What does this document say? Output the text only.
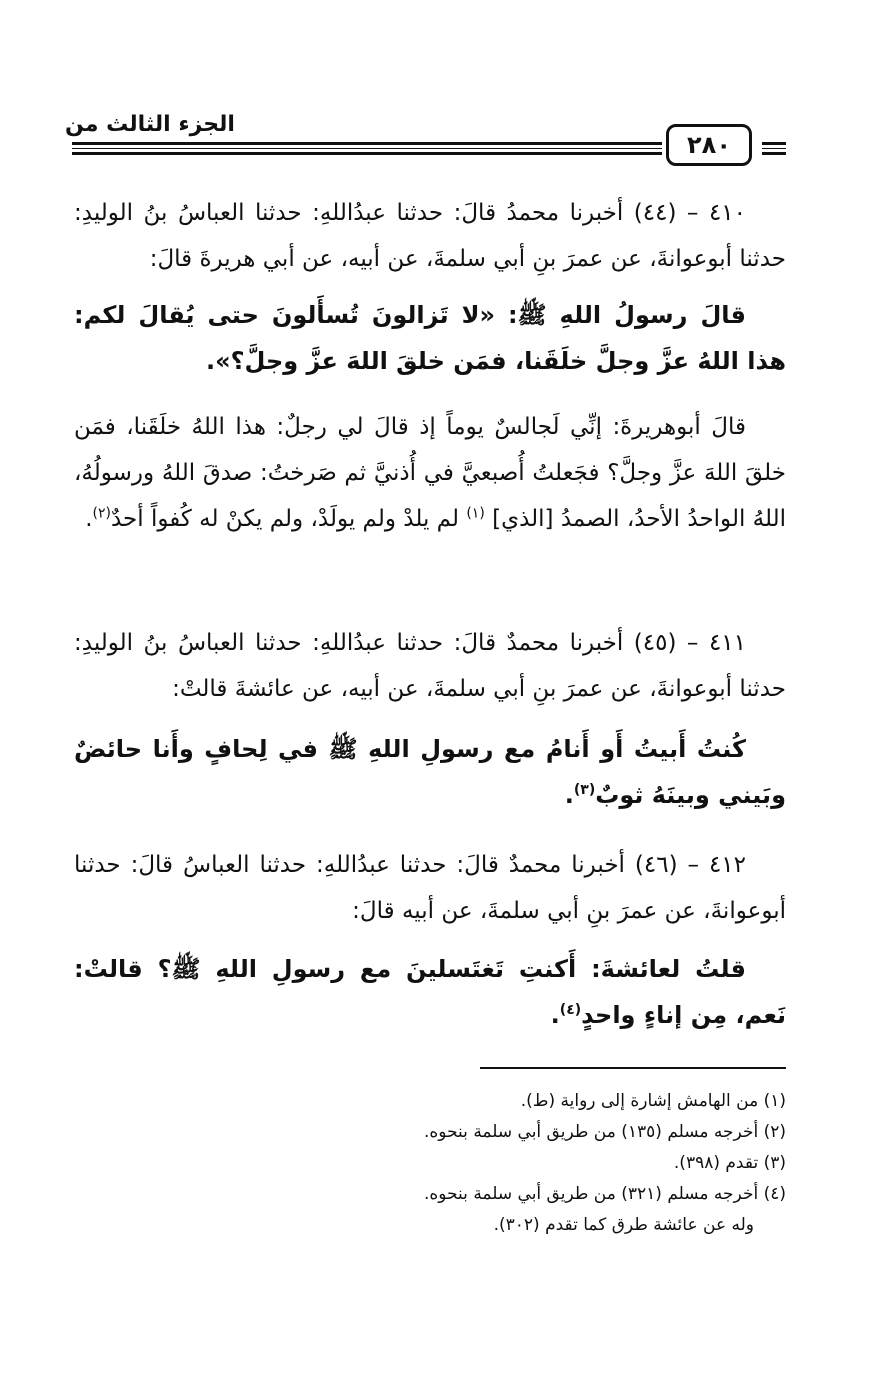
الجزء الثالث من
٢٨٠
٤١٠ – (٤٤) أخبرنا محمدُ قالَ: حدثنا عبدُاللهِ: حدثنا العباسُ بنُ الوليدِ: حدثنا أبوعوانةَ، عن عمرَ بنِ أبي سلمةَ، عن أبيه، عن أبي هريرةَ قالَ:
قالَ رسولُ اللهِ ﷺ: «لا تَزالونَ تُسأَلونَ حتى يُقالَ لكم: هذا اللهُ عزَّ وجلَّ خلَقَنا، فمَن خلقَ اللهَ عزَّ وجلَّ؟».
قالَ أبوهريرةَ: إنِّي لَجالسٌ يوماً إذ قالَ لي رجلٌ: هذا اللهُ خلَقَنا، فمَن خلقَ اللهَ عزَّ وجلَّ؟ فجَعلتُ أُصبعيَّ في أُذنيَّ ثم صَرختُ: صدقَ اللهُ ورسولُهُ، اللهُ الواحدُ الأحدُ، الصمدُ [الذي] $^{(١)}$ لم يلدْ ولم يولَدْ، ولم يكنْ له كُفواً أحدٌ$^{(٢)}$.
٤١١ – (٤٥) أخبرنا محمدٌ قالَ: حدثنا عبدُاللهِ: حدثنا العباسُ بنُ الوليدِ: حدثنا أبوعوانةَ، عن عمرَ بنِ أبي سلمةَ، عن أبيه، عن عائشةَ قالتْ:
كُنتُ أَبيتُ أَو أَنامُ مع رسولِ اللهِ ﷺ في لِحافٍ وأَنا حائضٌ وبَيني وبينَهُ ثوبٌ$^{(٣)}$.
٤١٢ – (٤٦) أخبرنا محمدٌ قالَ: حدثنا عبدُاللهِ: حدثنا العباسُ قالَ: حدثنا أبوعوانةَ، عن عمرَ بنِ أبي سلمةَ، عن أبيه قالَ:
قلتُ لعائشةَ: أَكنتِ تَغتَسلينَ مع رسولِ اللهِ ﷺ؟ قالتْ: نَعم، مِن إناءٍ واحدٍ$^{(٤)}$.
(١) من الهامش إشارة إلى رواية (ط).
(٢) أخرجه مسلم (١٣٥) من طريق أبي سلمة بنحوه.
(٣) تقدم (٣٩٨).
(٤) أخرجه مسلم (٣٢١) من طريق أبي سلمة بنحوه.
وله عن عائشة طرق كما تقدم (٣٠٢).
